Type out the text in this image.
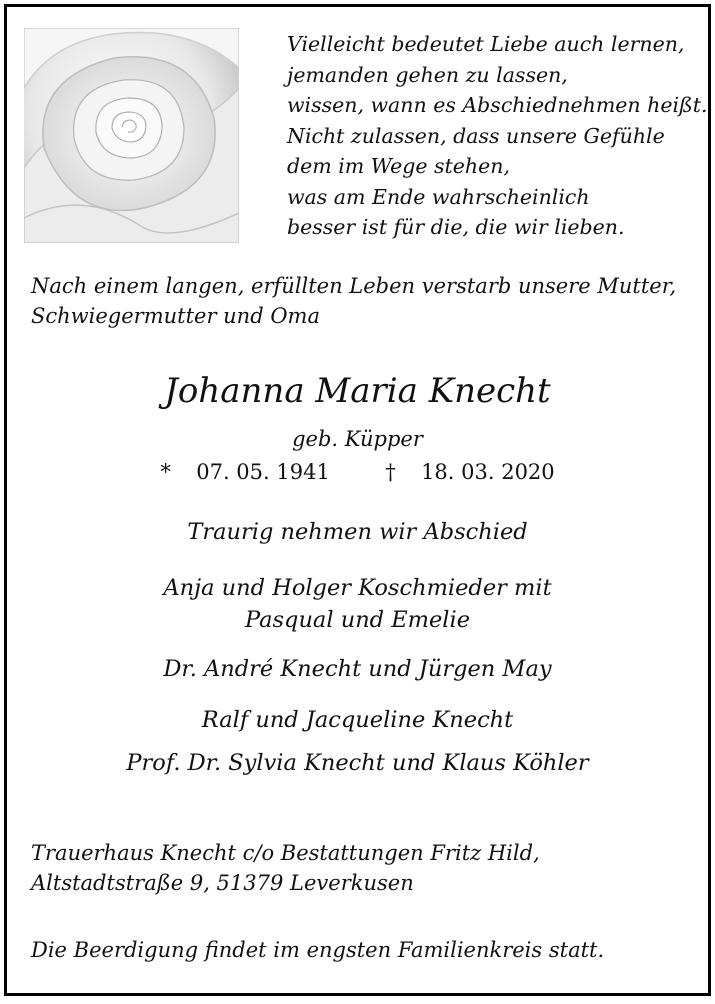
Vielleicht bedeutet Liebe auch lernen,
jemanden gehen zu lassen,
wissen, wann es Abschiednehmen heißt.
Nicht zulassen, dass unsere Gefühle
dem im Wege stehen,
was am Ende wahrscheinlich
besser ist für die, die wir lieben.
Nach einem langen, erfüllten Leben verstarb unsere Mutter,
Schwiegermutter und Oma
Johanna Maria Knecht
geb. Küpper
* 07. 05. 1941	† 18. 03. 2020
Traurig nehmen wir Abschied
Anja und Holger Koschmieder mit
Pasqual und Emelie
Dr. André Knecht und Jürgen May
Ralf und Jacqueline Knecht
Prof. Dr. Sylvia Knecht und Klaus Köhler
Trauerhaus Knecht c/o Bestattungen Fritz Hild,
Altstadtstraße 9, 51379 Leverkusen
Die Beerdigung findet im engsten Familienkreis statt.
